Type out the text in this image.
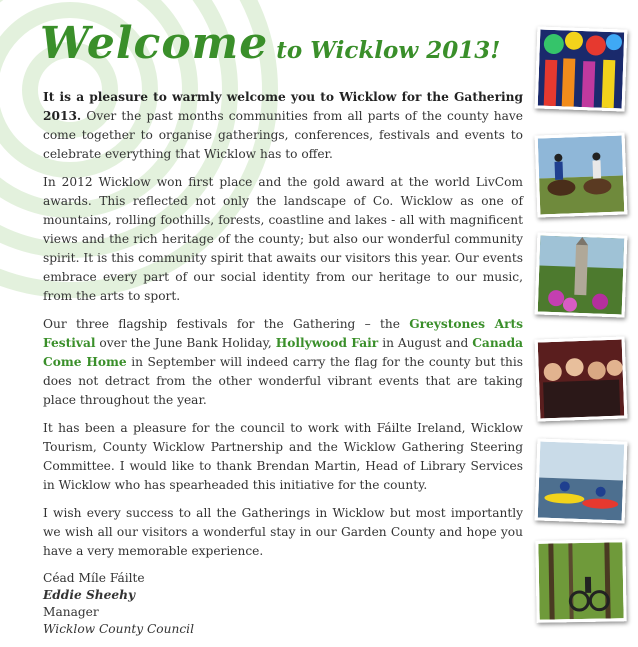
Welcome to Wicklow 2013!

It is a pleasure to warmly welcome you to Wicklow for the Gathering 2013. Over the past months communities from all parts of the county have come together to organise gatherings, conferences, festivals and events to celebrate everything that Wicklow has to offer.

In 2012 Wicklow won first place and the gold award at the world LivCom awards. This reflected not only the landscape of Co. Wicklow as one of mountains, rolling foothills, forests, coastline and lakes - all with magnificent views and the rich heritage of the county; but also our wonderful community spirit. It is this community spirit that awaits our visitors this year. Our events embrace every part of our social identity from our heritage to our music, from the arts to sport.

Our three flagship festivals for the Gathering – the Greystones Arts Festival over the June Bank Holiday, Hollywood Fair in August and Canada Come Home in September will indeed carry the flag for the county but this does not detract from the other wonderful vibrant events that are taking place throughout the year.

It has been a pleasure for the council to work with Fáilte Ireland, Wicklow Tourism, County Wicklow Partnership and the Wicklow Gathering Steering Committee. I would like to thank Brendan Martin, Head of Library Services in Wicklow who has spearheaded this initiative for the county.

I wish every success to all the Gatherings in Wicklow but most importantly we wish all our visitors a wonderful stay in our Garden County and hope you have a very memorable experience.

Céad Míle Fáilte
Eddie Sheehy
Manager
Wicklow County Council
